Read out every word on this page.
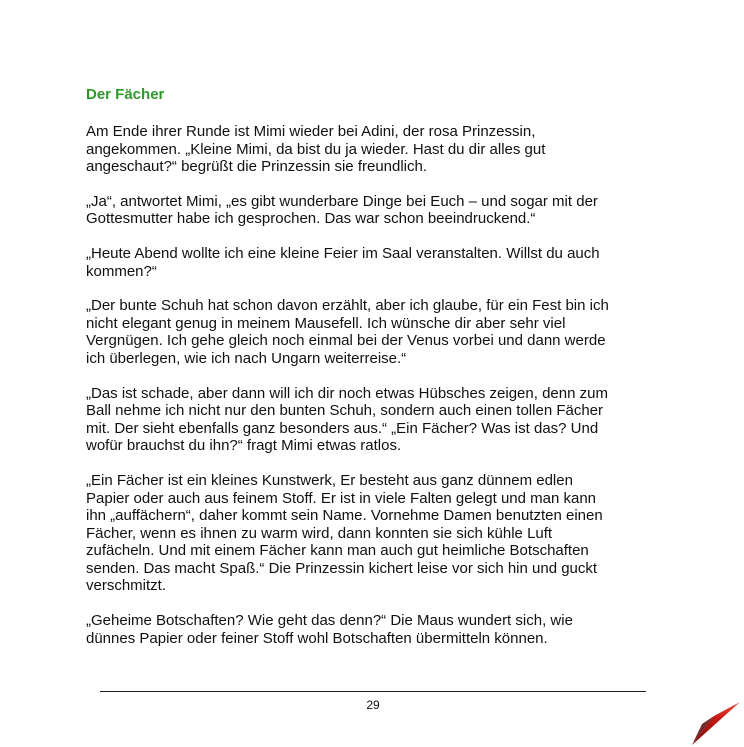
Der Fächer

Am Ende ihrer Runde ist Mimi wieder bei Adini, der rosa Prinzessin,
angekommen. „Kleine Mimi, da bist du ja wieder. Hast du dir alles gut
angeschaut?“ begrüßt die Prinzessin sie freundlich.

„Ja“, antwortet Mimi, „es gibt wunderbare Dinge bei Euch – und sogar mit der
Gottesmutter habe ich gesprochen. Das war schon beeindruckend.“

„Heute Abend wollte ich eine kleine Feier im Saal veranstalten. Willst du auch
kommen?“

„Der bunte Schuh hat schon davon erzählt, aber ich glaube, für ein Fest bin ich
nicht elegant genug in meinem Mausefell. Ich wünsche dir aber sehr viel
Vergnügen. Ich gehe gleich noch einmal bei der Venus vorbei und dann werde
ich überlegen, wie ich nach Ungarn weiterreise.“

„Das ist schade, aber dann will ich dir noch etwas Hübsches zeigen, denn zum
Ball nehme ich nicht nur den bunten Schuh, sondern auch einen tollen Fächer
mit. Der sieht ebenfalls ganz besonders aus.“ „Ein Fächer? Was ist das? Und
wofür brauchst du ihn?“ fragt Mimi etwas ratlos.

„Ein Fächer ist ein kleines Kunstwerk, Er besteht aus ganz dünnem edlen
Papier oder auch aus feinem Stoff. Er ist in viele Falten gelegt und man kann
ihn „auffächern“, daher kommt sein Name. Vornehme Damen benutzten einen
Fächer, wenn es ihnen zu warm wird, dann konnten sie sich kühle Luft
zufächeln. Und mit einem Fächer kann man auch gut heimliche Botschaften
senden. Das macht Spaß.“ Die Prinzessin kichert leise vor sich hin und guckt
verschmitzt.

„Geheime Botschaften? Wie geht das denn?“ Die Maus wundert sich, wie
dünnes Papier oder feiner Stoff wohl Botschaften übermitteln können.

29
